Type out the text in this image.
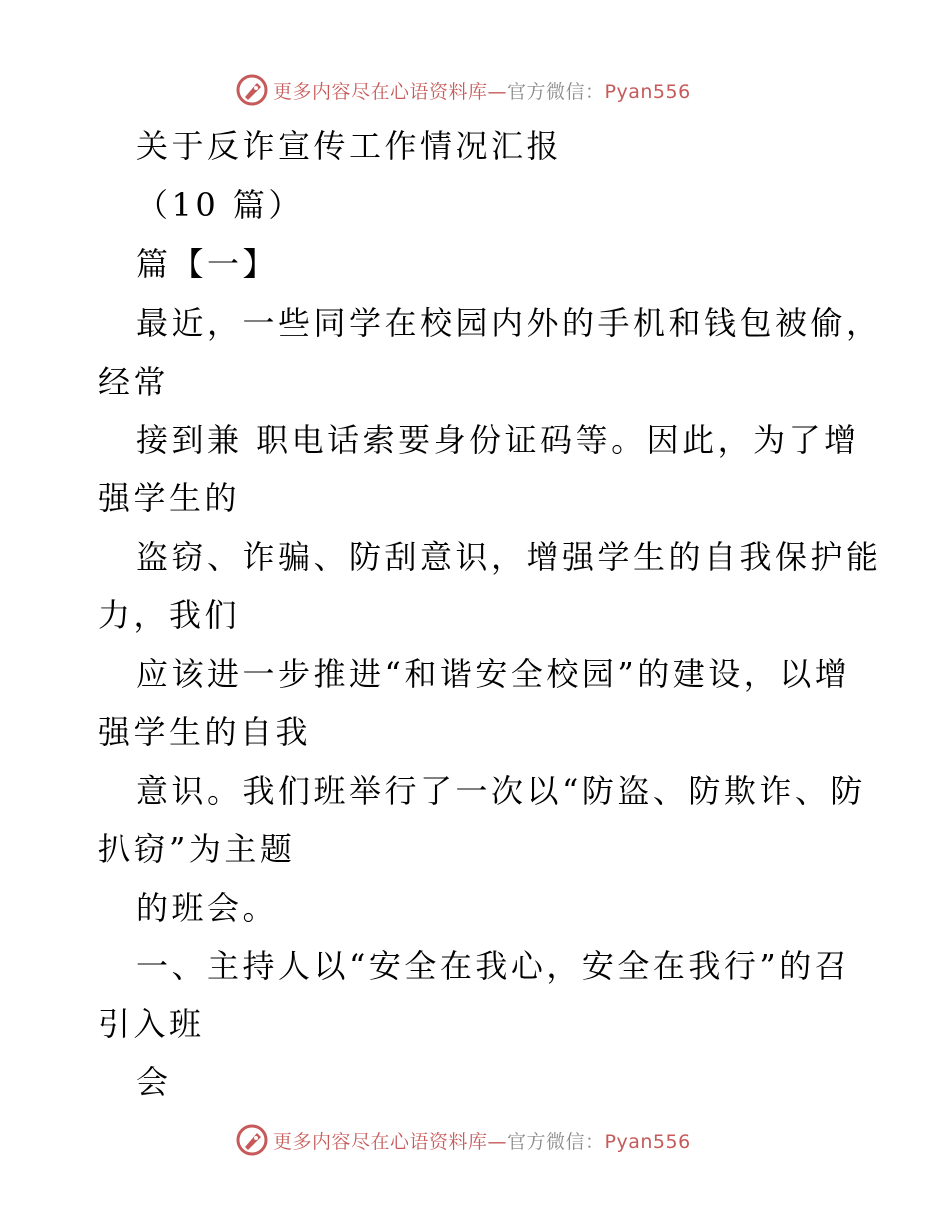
更多内容尽在心语资料库—官方微信：Pyan556
关于反诈宣传工作情况汇报
（10 篇）
篇【一】
最近，一些同学在校园内外的手机和钱包被偷，
经常
接到兼 职电话索要身份证码等。因此，为了增
强学生的
盗窃、诈骗、防刮意识，增强学生的自我保护能
力，我们
应该进一步推进“和谐安全校园”的建设，以增
强学生的自我
意识。我们班举行了一次以“防盗、防欺诈、防
扒窃”为主题
的班会。
一、主持人以“安全在我心，安全在我行”的召
引入班
会
更多内容尽在心语资料库—官方微信：Pyan556
